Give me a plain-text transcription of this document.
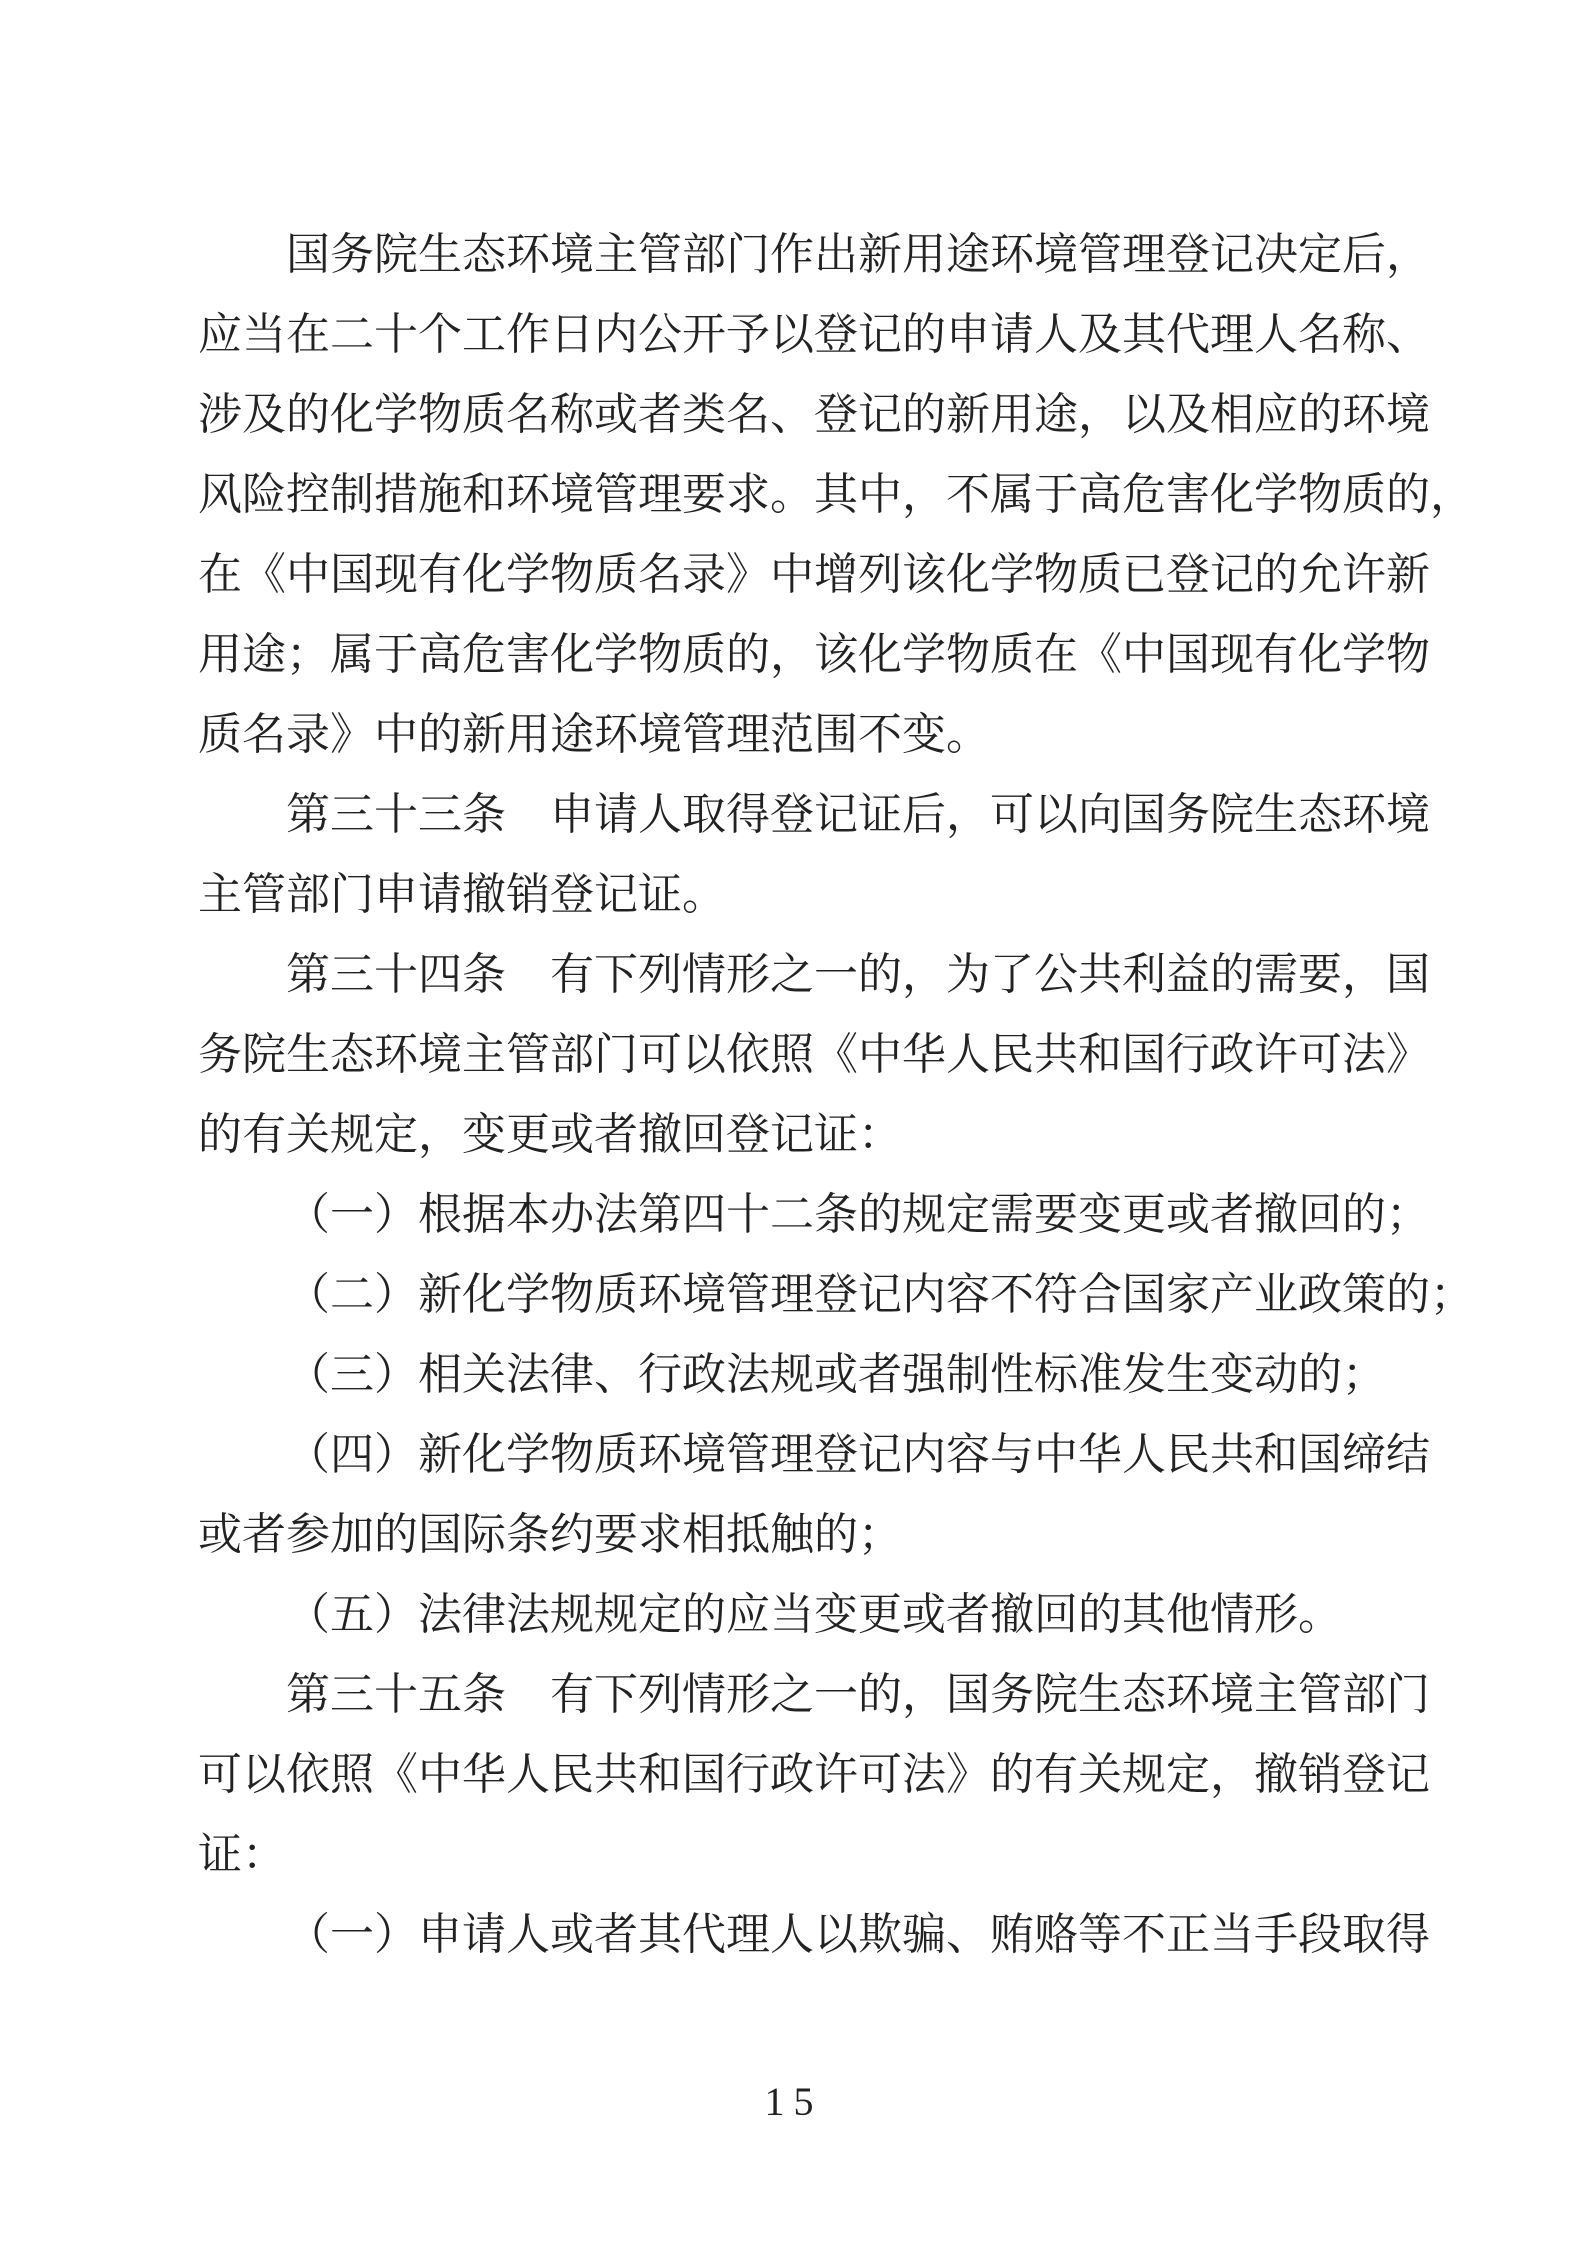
国务院生态环境主管部门作出新用途环境管理登记决定后，
应当在二十个工作日内公开予以登记的申请人及其代理人名称、
涉及的化学物质名称或者类名、登记的新用途，以及相应的环境
风险控制措施和环境管理要求。其中，不属于高危害化学物质的，
在《中国现有化学物质名录》中增列该化学物质已登记的允许新
用途；属于高危害化学物质的，该化学物质在《中国现有化学物
质名录》中的新用途环境管理范围不变。
第三十三条　申请人取得登记证后，可以向国务院生态环境
主管部门申请撤销登记证。
第三十四条　有下列情形之一的，为了公共利益的需要，国
务院生态环境主管部门可以依照《中华人民共和国行政许可法》
的有关规定，变更或者撤回登记证：
（一）根据本办法第四十二条的规定需要变更或者撤回的；
（二）新化学物质环境管理登记内容不符合国家产业政策的；
（三）相关法律、行政法规或者强制性标准发生变动的；
（四）新化学物质环境管理登记内容与中华人民共和国缔结
或者参加的国际条约要求相抵触的；
（五）法律法规规定的应当变更或者撤回的其他情形。
第三十五条　有下列情形之一的，国务院生态环境主管部门
可以依照《中华人民共和国行政许可法》的有关规定，撤销登记
证：
（一）申请人或者其代理人以欺骗、贿赂等不正当手段取得
15
